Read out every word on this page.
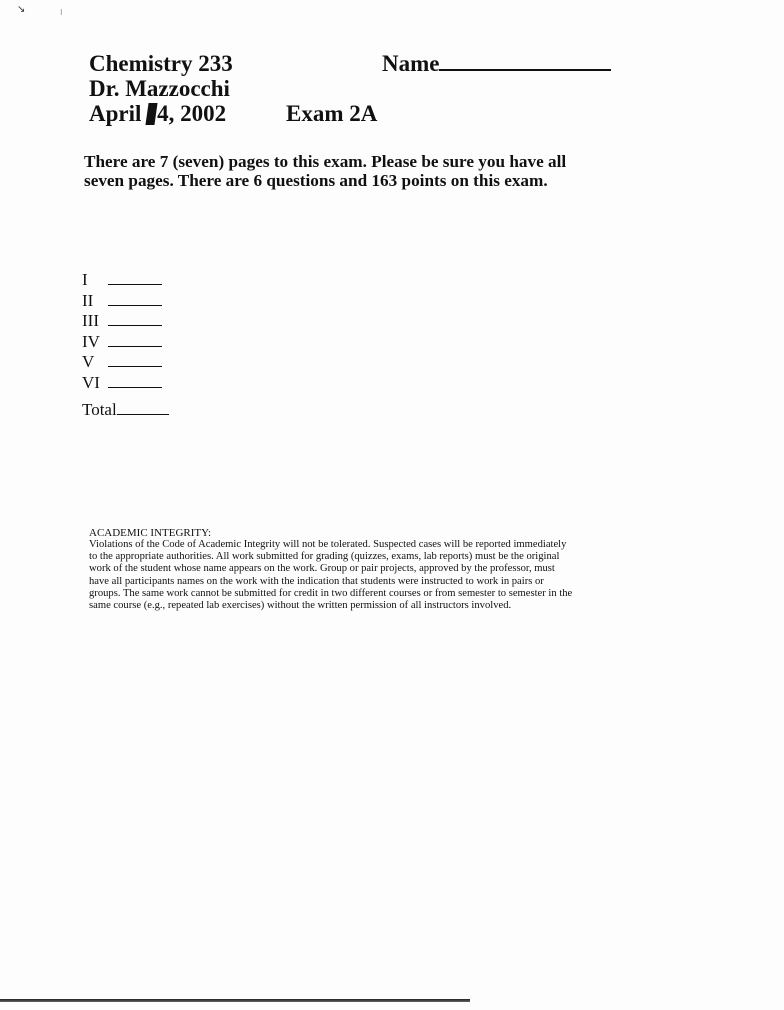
↘	⁝
Chemistry 233
Dr. Mazzocchi
April 4, 2002	Exam 2A
Name
There are 7 (seven) pages to this exam. Please be sure you have all
seven pages. There are 6 questions and 163 points on this exam.
I
II
III
IV
V
VI
Total
ACADEMIC INTEGRITY:
Violations of the Code of Academic Integrity will not be tolerated. Suspected cases will be reported immediately
to the appropriate authorities. All work submitted for grading (quizzes, exams, lab reports) must be the original
work of the student whose name appears on the work. Group or pair projects, approved by the professor, must
have all participants names on the work with the indication that students were instructed to work in pairs or
groups. The same work cannot be submitted for credit in two different courses or from semester to semester in the
same course (e.g., repeated lab exercises) without the written permission of all instructors involved.
